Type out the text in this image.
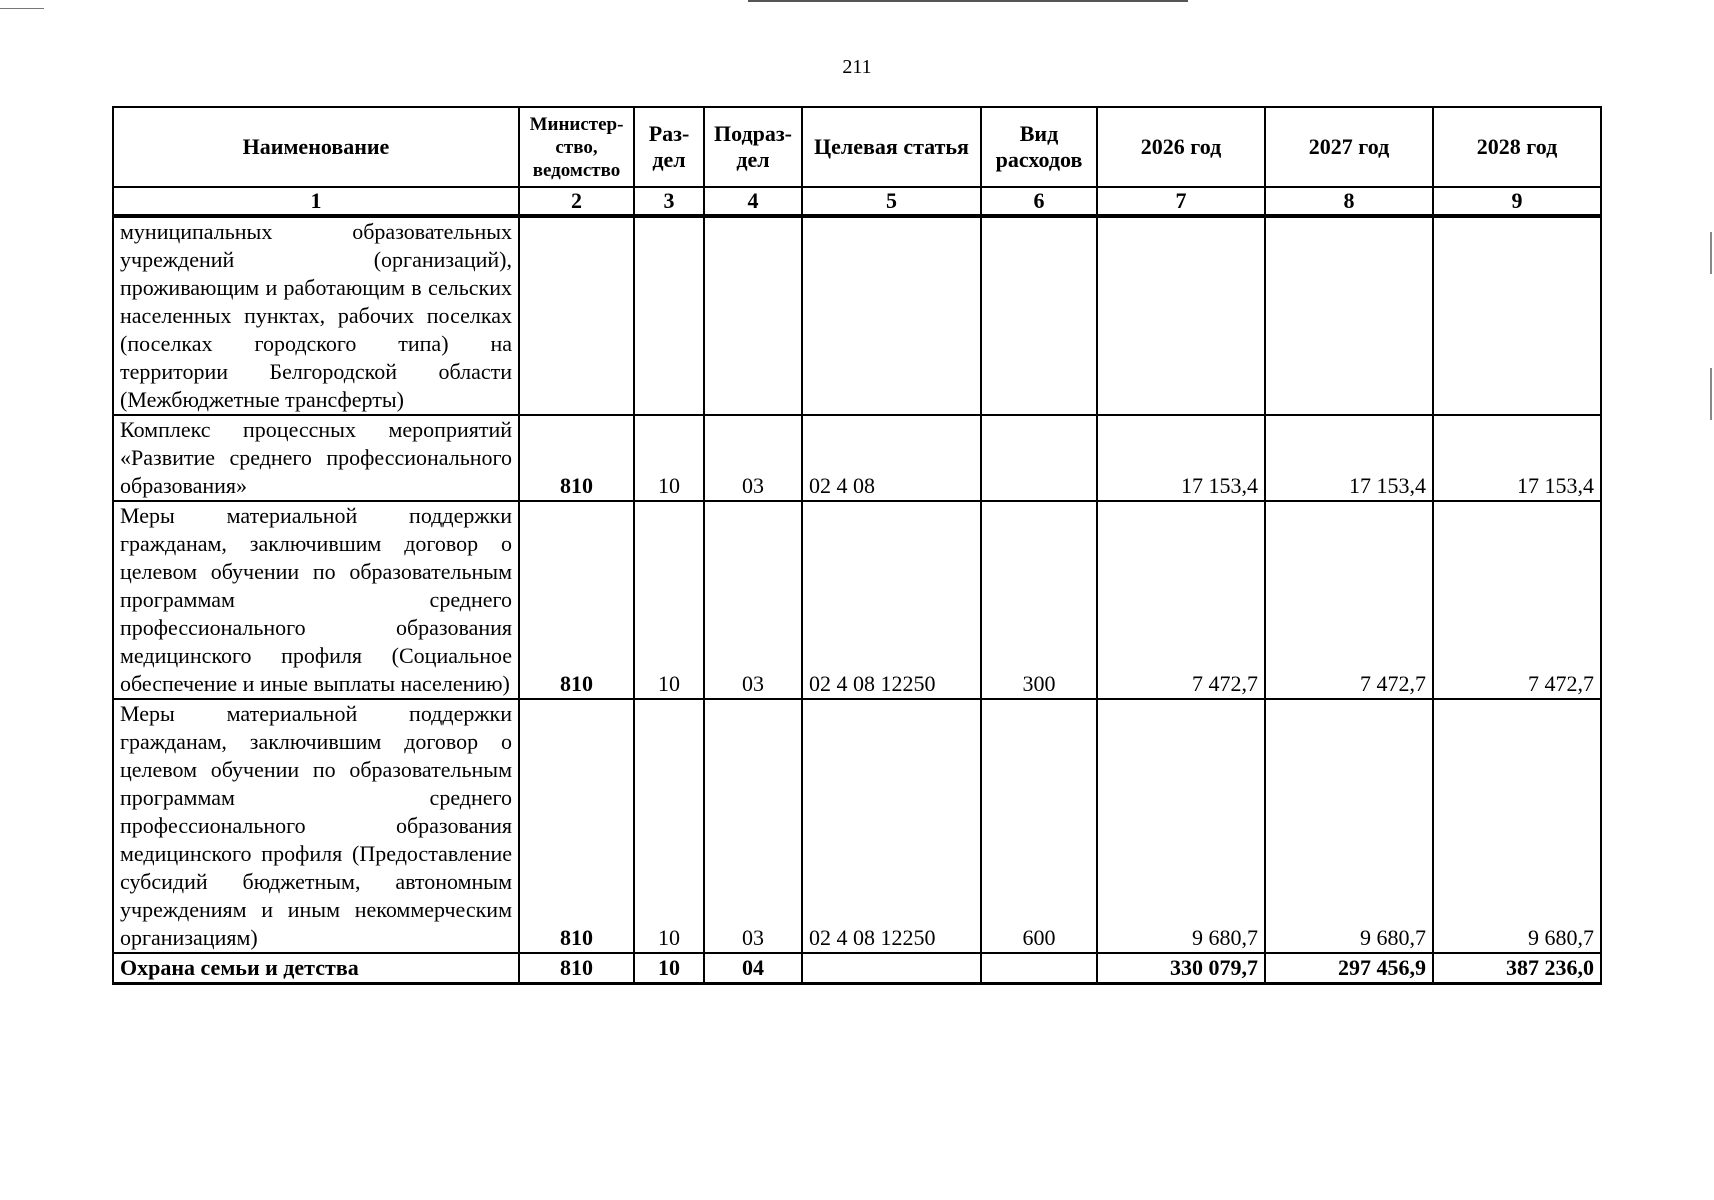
211
Наименование	Министер-ство, ведомство	Раз-дел	Подраз-дел	Целевая статья	Вид расходов	2026 год	2027 год	2028 год
1	2	3	4	5	6	7	8	9
муниципальных образовательных учреждений (организаций), проживающим и работающим в сельских населенных пунктах, рабочих поселках (поселках городского типа) на территории Белгородской области (Межбюджетные трансферты)								
Комплекс процессных мероприятий «Развитие среднего профессионального образования»	810	10	03	02 4 08		17 153,4	17 153,4	17 153,4
Меры материальной поддержки гражданам, заключившим договор о целевом обучении по образовательным программам среднего профессионального образования медицинского профиля (Социальное обеспечение и иные выплаты населению)	810	10	03	02 4 08 12250	300	7 472,7	7 472,7	7 472,7
Меры материальной поддержки гражданам, заключившим договор о целевом обучении по образовательным программам среднего профессионального образования медицинского профиля (Предоставление субсидий бюджетным, автономным учреждениям и иным некоммерческим организациям)	810	10	03	02 4 08 12250	600	9 680,7	9 680,7	9 680,7
Охрана семьи и детства	810	10	04			330 079,7	297 456,9	387 236,0
